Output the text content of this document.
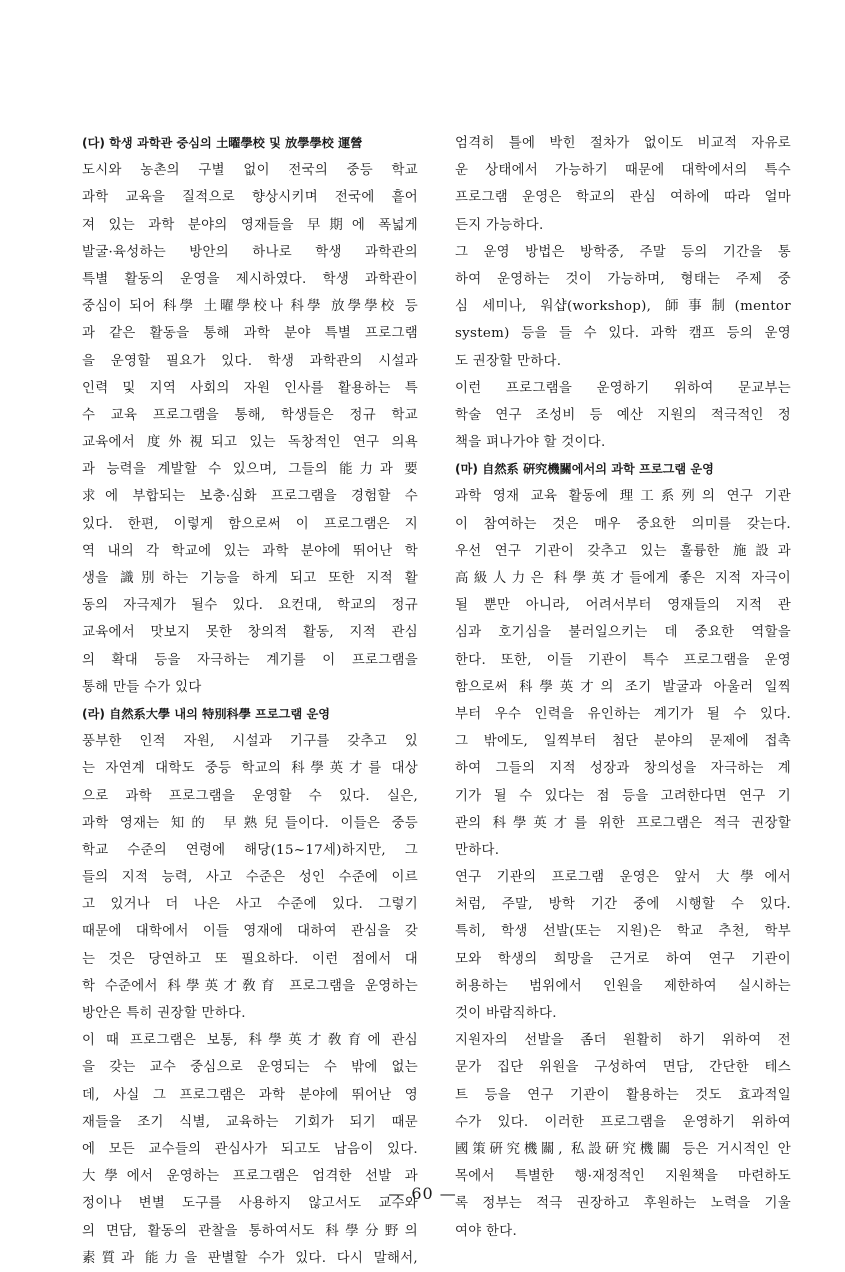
(다) 학생 과학관 중심의 土曜學校 및 放學學校 運營
도시와 농촌의 구별 없이 전국의 중등 학교
과학 교육을 질적으로 향상시키며 전국에 흩어
져 있는 과학 분야의 영재들을 早期에 폭넓게
발굴·육성하는 방안의 하나로 학생 과학관의
특별 활동의 운영을 제시하였다. 학생 과학관이
중심이 되어 科學 土曜學校나 科學 放學學校 등
과 같은 활동을 통해 과학 분야 특별 프로그램
을 운영할 필요가 있다. 학생 과학관의 시설과
인력 및 지역 사회의 자원 인사를 활용하는 특
수 교육 프로그램을 통해, 학생들은 정규 학교
교육에서 度外視되고 있는 독창적인 연구 의욕
과 능력을 계발할 수 있으며, 그들의 能力과 要
求에 부합되는 보충·심화 프로그램을 경험할 수
있다. 한편, 이렇게 함으로써 이 프로그램은 지
역 내의 각 학교에 있는 과학 분야에 뛰어난 학
생을 識別하는 기능을 하게 되고 또한 지적 활
동의 자극제가 될수 있다. 요컨대, 학교의 정규
교육에서 맛보지 못한 창의적 활동, 지적 관심
의 확대 등을 자극하는 계기를 이 프로그램을
통해 만들 수가 있다
(라) 自然系大學 내의 特別科學 프로그램 운영
풍부한 인적 자원, 시설과 기구를 갖추고 있
는 자연계 대학도 중등 학교의 科學英才를 대상
으로 과학 프로그램을 운영할 수 있다. 실은,
과학 영재는 知的 早熟兒들이다. 이들은 중등
학교 수준의 연령에 해당(15~17세)하지만, 그
들의 지적 능력, 사고 수준은 성인 수준에 이르
고 있거나 더 나은 사고 수준에 있다. 그렇기
때문에 대학에서 이들 영재에 대하여 관심을 갖
는 것은 당연하고 또 필요하다. 이런 점에서 대
학 수준에서 科學英才敎育 프로그램을 운영하는
방안은 특히 권장할 만하다.
이 때 프로그램은 보통, 科學英才敎育에 관심
을 갖는 교수 중심으로 운영되는 수 밖에 없는
데, 사실 그 프로그램은 과학 분야에 뛰어난 영
재들을 조기 식별, 교육하는 기회가 되기 때문
에 모든 교수들의 관심사가 되고도 남음이 있다.
大學에서 운영하는 프로그램은 엄격한 선발 과
정이나 변별 도구를 사용하지 않고서도 교수와
의 면담, 활동의 관찰을 통하여서도 科學分野의
素質과 能力을 판별할 수가 있다. 다시 말해서,
엄격히 틀에 박힌 절차가 없이도 비교적 자유로
운 상태에서 가능하기 때문에 대학에서의 특수
프로그램 운영은 학교의 관심 여하에 따라 얼마
든지 가능하다.
그 운영 방법은 방학중, 주말 등의 기간을 통
하여 운영하는 것이 가능하며, 형태는 주제 중
심 세미나, 워샵(workshop), 師事制(mentor
system) 등을 들 수 있다. 과학 캠프 등의 운영
도 권장할 만하다.
이런 프로그램을 운영하기 위하여 문교부는
학술 연구 조성비 등 예산 지원의 적극적인 정
책을 펴나가야 할 것이다.
(마) 自然系 硏究機關에서의 과학 프로그램 운영
과학 영재 교육 활동에 理工系列의 연구 기관
이 참여하는 것은 매우 중요한 의미를 갖는다.
우선 연구 기관이 갖추고 있는 훌륭한 施設과
高級人力은 科學英才들에게 좋은 지적 자극이
될 뿐만 아니라, 어려서부터 영재들의 지적 관
심과 호기심을 불러일으키는 데 중요한 역할을
한다. 또한, 이들 기관이 특수 프로그램을 운영
함으로써 科學英才의 조기 발굴과 아울러 일찍
부터 우수 인력을 유인하는 계기가 될 수 있다.
그 밖에도, 일찍부터 첨단 분야의 문제에 접촉
하여 그들의 지적 성장과 창의성을 자극하는 계
기가 될 수 있다는 점 등을 고려한다면 연구 기
관의 科學英才를 위한 프로그램은 적극 권장할
만하다.
연구 기관의 프로그램 운영은 앞서 大學에서
처럼, 주말, 방학 기간 중에 시행할 수 있다.
특히, 학생 선발(또는 지원)은 학교 추천, 학부
모와 학생의 희망을 근거로 하여 연구 기관이
허용하는 범위에서 인원을 제한하여 실시하는
것이 바람직하다.
지원자의 선발을 좀더 원활히 하기 위하여 전
문가 집단 위원을 구성하여 면담, 간단한 테스
트 등을 연구 기관이 활용하는 것도 효과적일
수가 있다. 이러한 프로그램을 운영하기 위하여
國策硏究機關, 私設硏究機關 등은 거시적인 안
목에서 특별한 행·재정적인 지원책을 마련하도
록 정부는 적극 권장하고 후원하는 노력을 기울
여야 한다.
— 60 —
